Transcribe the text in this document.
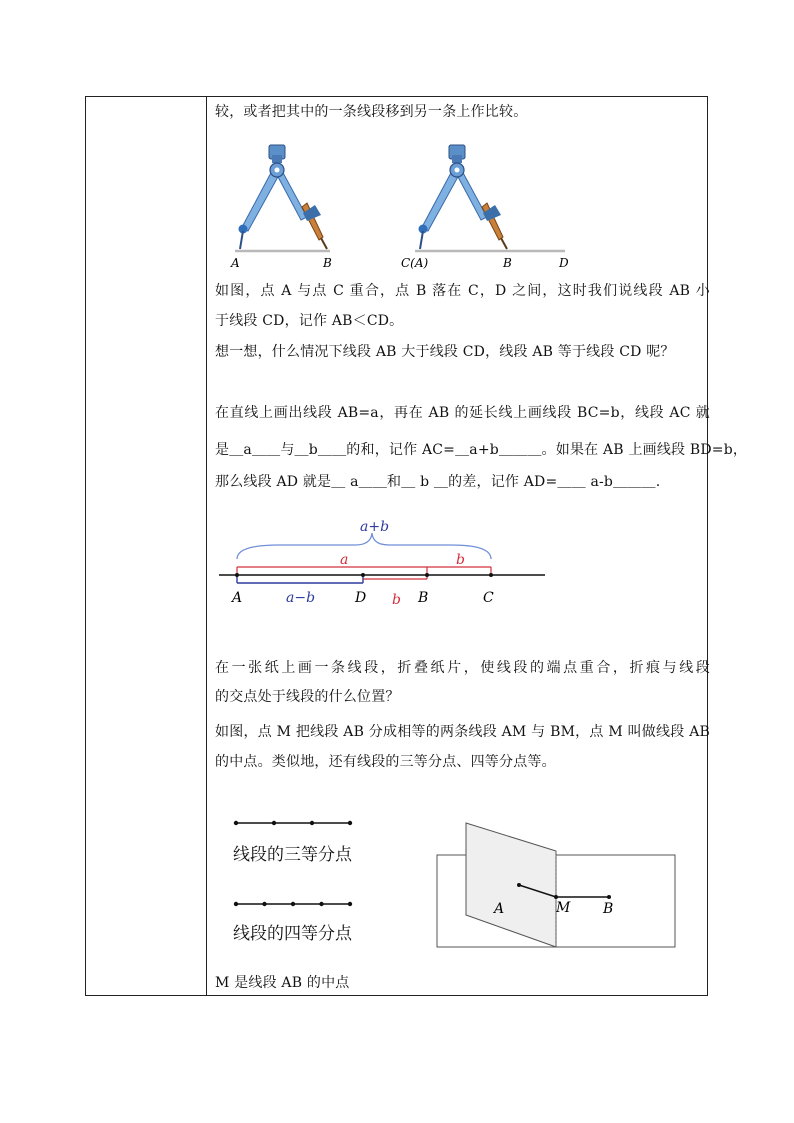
较，或者把其中的一条线段移到另一条上作比较。
A	B	C(A)	B	D
如图，点 A 与点 C 重合，点 B 落在 C，D 之间，这时我们说线段 AB 小
于线段 CD，记作 AB＜CD。
想一想，什么情况下线段 AB 大于线段 CD，线段 AB 等于线段 CD 呢？
在直线上画出线段 AB=a，再在 AB 的延长线上画线段 BC=b，线段 AC 就
是＿a＿＿与＿b＿＿的和，记作 AC=＿a+b＿＿＿。如果在 AB 上画线段 BD=b，
那么线段 AD 就是＿ a＿＿和＿ b ＿的差，记作 AD=＿＿ a-b＿＿＿.
a+b
a	b
A	a−b	D b B	C
在一张纸上画一条线段，折叠纸片，使线段的端点重合，折痕与线段
的交点处于线段的什么位置？
如图，点 M 把线段 AB 分成相等的两条线段 AM 与 BM，点 M 叫做线段 AB
的中点。类似地，还有线段的三等分点、四等分点等。
线段的三等分点
线段的四等分点
A	M B
M 是线段 AB 的中点
